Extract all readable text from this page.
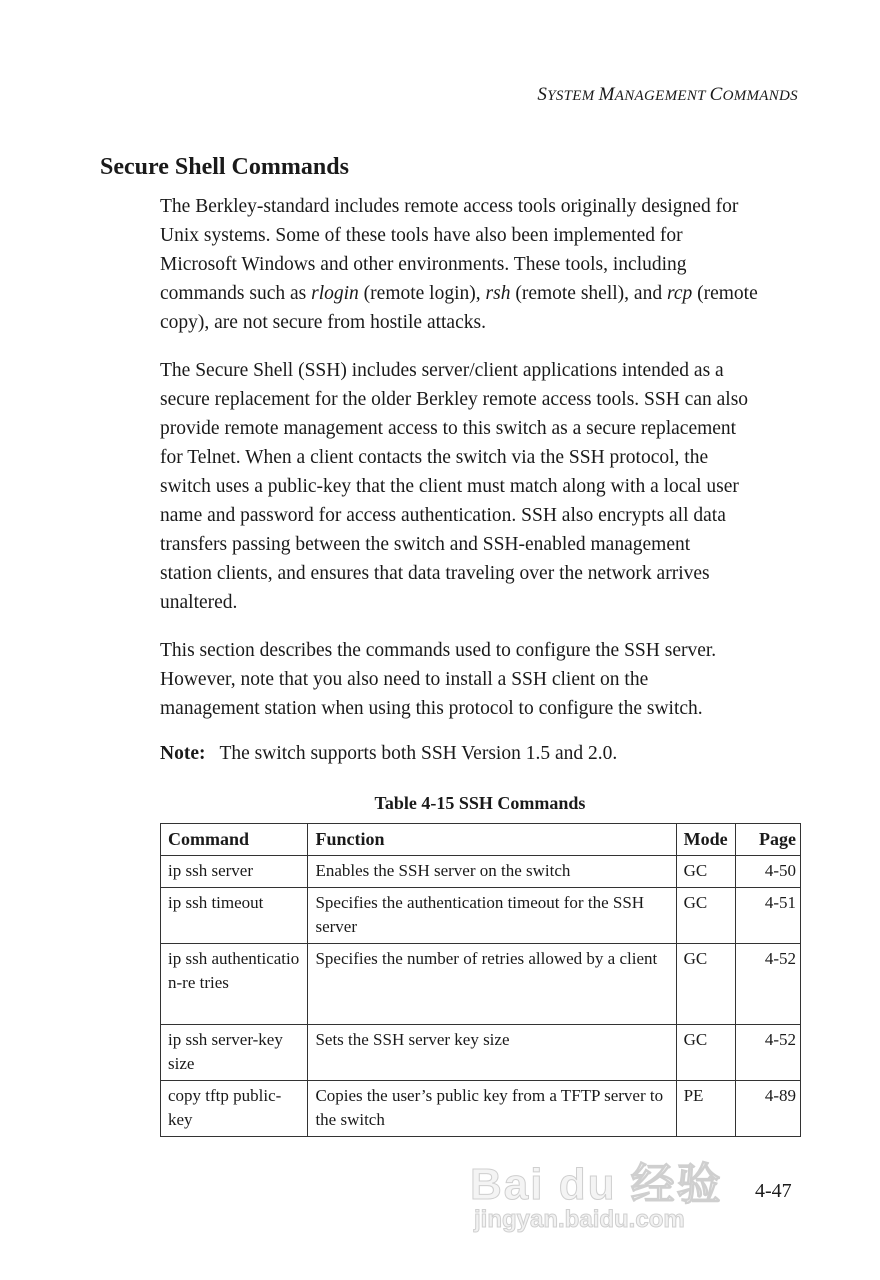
SYSTEM MANAGEMENT COMMANDS
Secure Shell Commands
The Berkley-standard includes remote access tools originally designed for
Unix systems. Some of these tools have also been implemented for
Microsoft Windows and other environments. These tools, including
commands such as rlogin (remote login), rsh (remote shell), and rcp (remote
copy), are not secure from hostile attacks.
The Secure Shell (SSH) includes server/client applications intended as a
secure replacement for the older Berkley remote access tools. SSH can also
provide remote management access to this switch as a secure replacement
for Telnet. When a client contacts the switch via the SSH protocol, the
switch uses a public-key that the client must match along with a local user
name and password for access authentication. SSH also encrypts all data
transfers passing between the switch and SSH-enabled management
station clients, and ensures that data traveling over the network arrives
unaltered.
This section describes the commands used to configure the SSH server.
However, note that you also need to install a SSH client on the
management station when using this protocol to configure the switch.
Note: The switch supports both SSH Version 1.5 and 2.0.
Table 4-15 SSH Commands
Command	Function	Mode	Page
ip ssh server	Enables the SSH server on the switch	GC	4-50
ip ssh timeout	Specifies the authentication timeout for the SSH server	GC	4-51
ip ssh authentication-re tries	Specifies the number of retries allowed by a client	GC	4-52
ip ssh server-key size	Sets the SSH server key size	GC	4-52
copy tftp public-key	Copies the user’s public key from a TFTP server to the switch	PE	4-89
Bai du 经验
jingyan.baidu.com
4-47
